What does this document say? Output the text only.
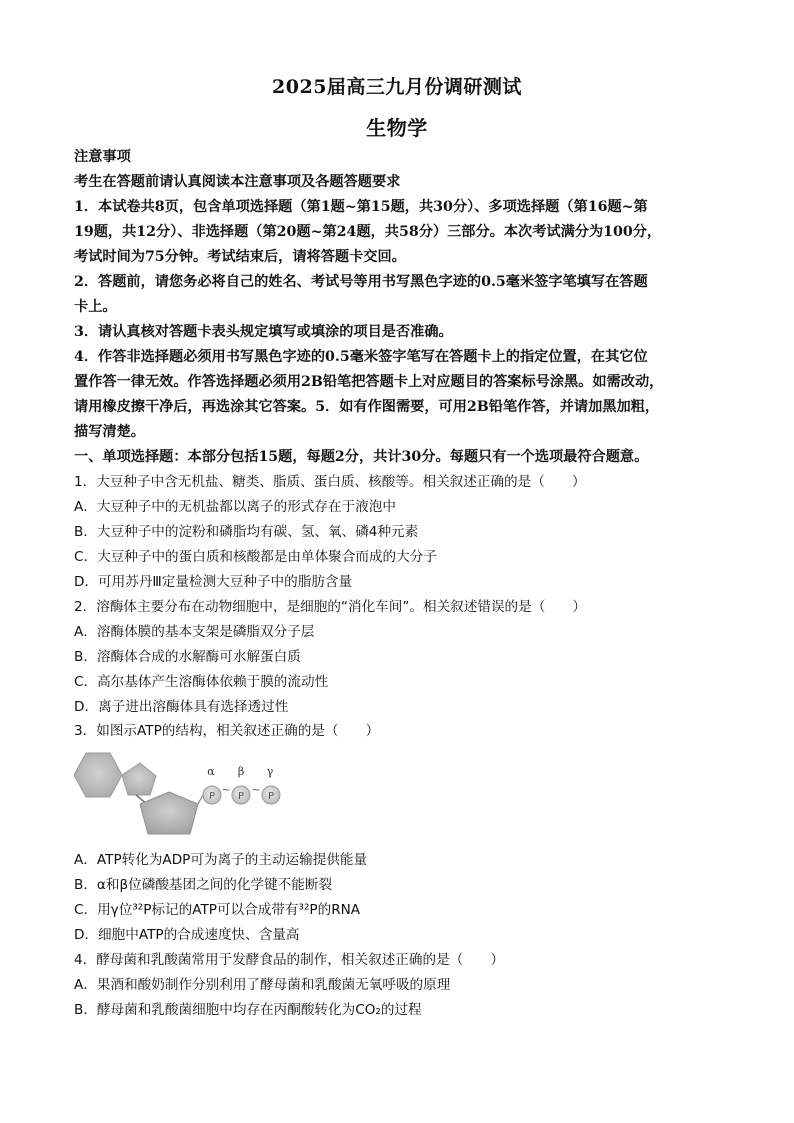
2025届高三九月份调研测试
生物学
注意事项
考生在答题前请认真阅读本注意事项及各题答题要求
1．本试卷共8页，包含单项选择题（第1题~第15题，共30分）、多项选择题（第16题~第
19题，共12分）、非选择题（第20题~第24题，共58分）三部分。本次考试满分为100分，
考试时间为75分钟。考试结束后，请将答题卡交回。
2．答题前，请您务必将自己的姓名、考试号等用书写黑色字迹的0.5毫米签字笔填写在答题
卡上。
3．请认真核对答题卡表头规定填写或填涂的项目是否准确。
4．作答非选择题必须用书写黑色字迹的0.5毫米签字笔写在答题卡上的指定位置，在其它位
置作答一律无效。作答选择题必须用2B铅笔把答题卡上对应题目的答案标号涂黑。如需改动，
请用橡皮擦干净后，再选涂其它答案。5．如有作图需要，可用2B铅笔作答，并请加黑加粗，
描写清楚。
一、单项选择题：本部分包括15题，每题2分，共计30分。每题只有一个选项最符合题意。
1．大豆种子中含无机盐、糖类、脂质、蛋白质、核酸等。相关叙述正确的是（　　）
A．大豆种子中的无机盐都以离子的形式存在于液泡中
B．大豆种子中的淀粉和磷脂均有碳、氢、氧、磷4种元素
C．大豆种子中的蛋白质和核酸都是由单体聚合而成的大分子
D．可用苏丹Ⅲ定量检测大豆种子中的脂肪含量
2．溶酶体主要分布在动物细胞中，是细胞的“消化车间”。相关叙述错误的是（　　）
A．溶酶体膜的基本支架是磷脂双分子层
B．溶酶体合成的水解酶可水解蛋白质
C．高尔基体产生溶酶体依赖于膜的流动性
D．离子进出溶酶体具有选择透过性
3．如图示ATP的结构，相关叙述正确的是（　　）
P
~
P
~
P
α β γ
A．ATP转化为ADP可为离子的主动运输提供能量
B．α和β位磷酸基团之间的化学键不能断裂
C．用γ位³²P标记的ATP可以合成带有³²P的RNA
D．细胞中ATP的合成速度快、含量高
4．酵母菌和乳酸菌常用于发酵食品的制作，相关叙述正确的是（　　）
A．果酒和酸奶制作分别利用了酵母菌和乳酸菌无氧呼吸的原理
B．酵母菌和乳酸菌细胞中均存在丙酮酸转化为CO₂的过程
